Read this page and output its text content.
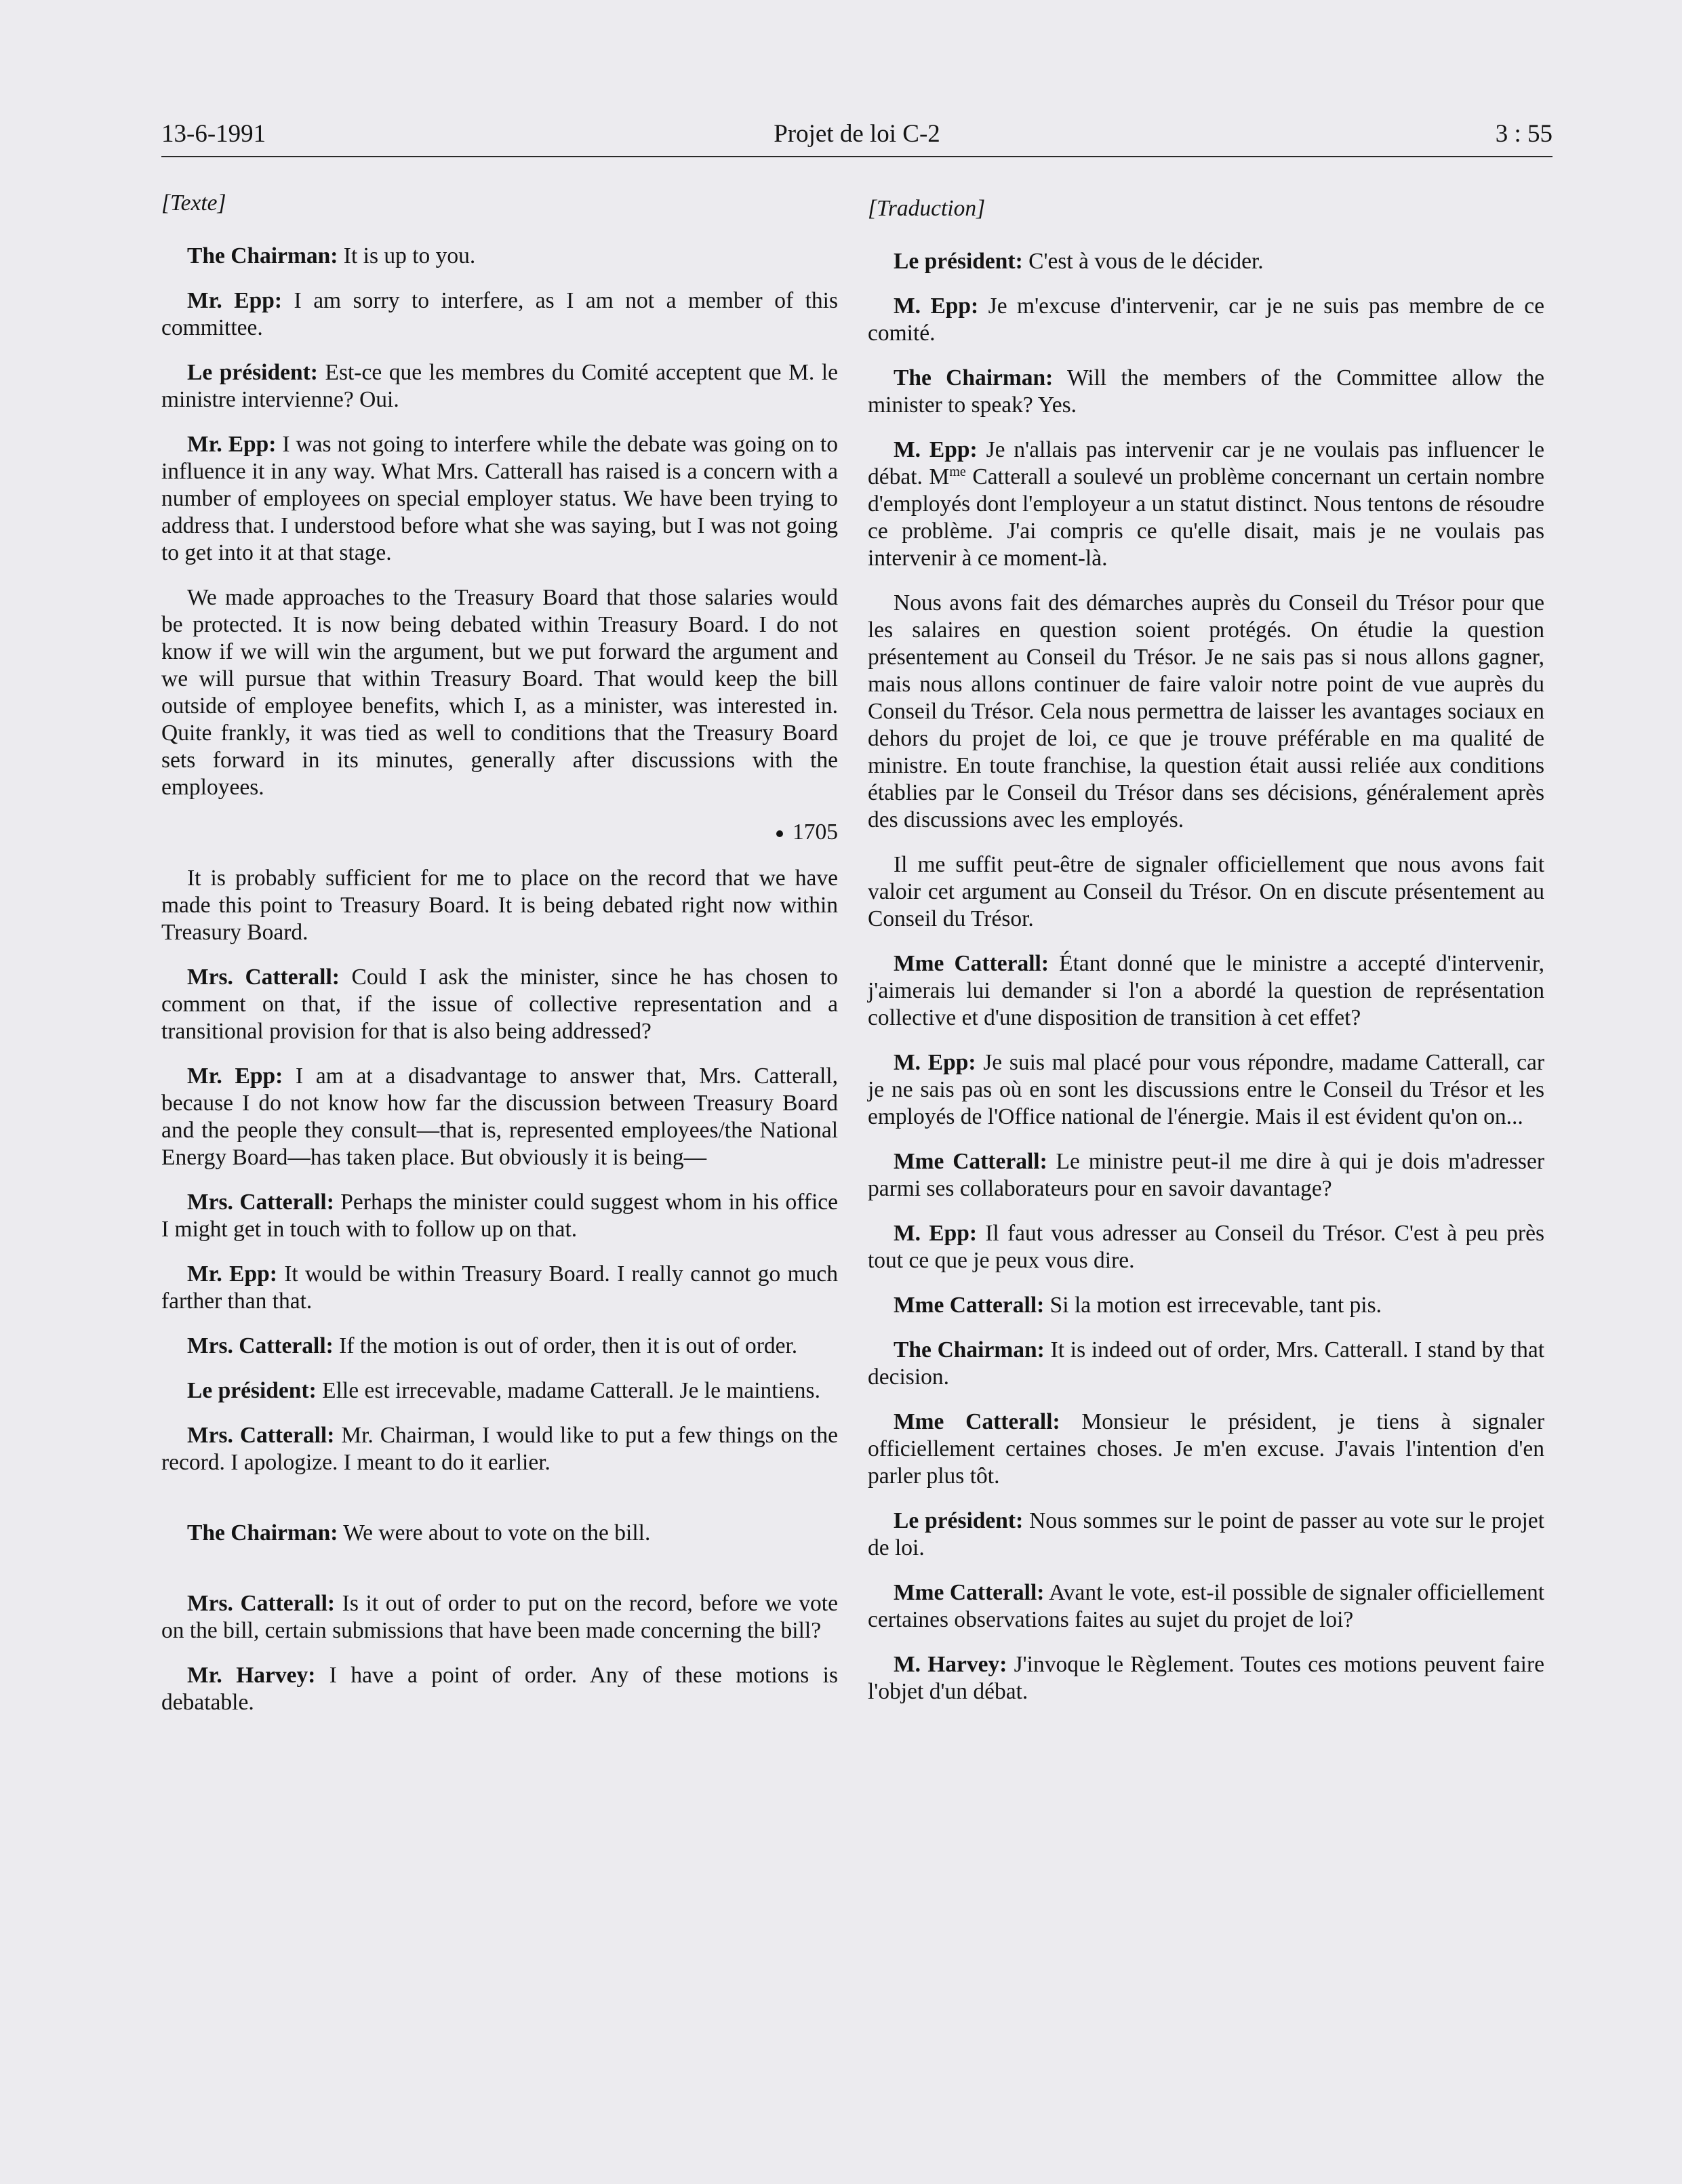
13-6-1991	Projet de loi C-2	3 : 55
[Texte]
The Chairman: It is up to you.
Mr. Epp: I am sorry to interfere, as I am not a member of this committee.
Le président: Est-ce que les membres du Comité acceptent que M. le ministre intervienne? Oui.
Mr. Epp: I was not going to interfere while the debate was going on to influence it in any way. What Mrs. Catterall has raised is a concern with a number of employees on special employer status. We have been trying to address that. I understood before what she was saying, but I was not going to get into it at that stage.
We made approaches to the Treasury Board that those salaries would be protected. It is now being debated within Treasury Board. I do not know if we will win the argument, but we put forward the argument and we will pursue that within Treasury Board. That would keep the bill outside of employee benefits, which I, as a minister, was interested in. Quite frankly, it was tied as well to conditions that the Treasury Board sets forward in its minutes, generally after discussions with the employees.
1705
It is probably sufficient for me to place on the record that we have made this point to Treasury Board. It is being debated right now within Treasury Board.
Mrs. Catterall: Could I ask the minister, since he has chosen to comment on that, if the issue of collective representation and a transitional provision for that is also being addressed?
Mr. Epp: I am at a disadvantage to answer that, Mrs. Catterall, because I do not know how far the discussion between Treasury Board and the people they consult—that is, represented employees/the National Energy Board—has taken place. But obviously it is being—
Mrs. Catterall: Perhaps the minister could suggest whom in his office I might get in touch with to follow up on that.
Mr. Epp: It would be within Treasury Board. I really cannot go much farther than that.
Mrs. Catterall: If the motion is out of order, then it is out of order.
Le président: Elle est irrecevable, madame Catterall. Je le maintiens.
Mrs. Catterall: Mr. Chairman, I would like to put a few things on the record. I apologize. I meant to do it earlier.
The Chairman: We were about to vote on the bill.
Mrs. Catterall: Is it out of order to put on the record, before we vote on the bill, certain submissions that have been made concerning the bill?
Mr. Harvey: I have a point of order. Any of these motions is debatable.
[Traduction]
Le président: C'est à vous de le décider.
M. Epp: Je m'excuse d'intervenir, car je ne suis pas membre de ce comité.
The Chairman: Will the members of the Committee allow the minister to speak? Yes.
M. Epp: Je n'allais pas intervenir car je ne voulais pas influencer le débat. $M^{me}$ Catterall a soulevé un problème concernant un certain nombre d'employés dont l'employeur a un statut distinct. Nous tentons de résoudre ce problème. J'ai compris ce qu'elle disait, mais je ne voulais pas intervenir à ce moment-là.
Nous avons fait des démarches auprès du Conseil du Trésor pour que les salaires en question soient protégés. On étudie la question présentement au Conseil du Trésor. Je ne sais pas si nous allons gagner, mais nous allons continuer de faire valoir notre point de vue auprès du Conseil du Trésor. Cela nous permettra de laisser les avantages sociaux en dehors du projet de loi, ce que je trouve préférable en ma qualité de ministre. En toute franchise, la question était aussi reliée aux conditions établies par le Conseil du Trésor dans ses décisions, généralement après des discussions avec les employés.
Il me suffit peut-être de signaler officiellement que nous avons fait valoir cet argument au Conseil du Trésor. On en discute présentement au Conseil du Trésor.
Mme Catterall: Étant donné que le ministre a accepté d'intervenir, j'aimerais lui demander si l'on a abordé la question de représentation collective et d'une disposition de transition à cet effet?
M. Epp: Je suis mal placé pour vous répondre, madame Catterall, car je ne sais pas où en sont les discussions entre le Conseil du Trésor et les employés de l'Office national de l'énergie. Mais il est évident qu'on on...
Mme Catterall: Le ministre peut-il me dire à qui je dois m'adresser parmi ses collaborateurs pour en savoir davantage?
M. Epp: Il faut vous adresser au Conseil du Trésor. C'est à peu près tout ce que je peux vous dire.
Mme Catterall: Si la motion est irrecevable, tant pis.
The Chairman: It is indeed out of order, Mrs. Catterall. I stand by that decision.
Mme Catterall: Monsieur le président, je tiens à signaler officiellement certaines choses. Je m'en excuse. J'avais l'intention d'en parler plus tôt.
Le président: Nous sommes sur le point de passer au vote sur le projet de loi.
Mme Catterall: Avant le vote, est-il possible de signaler officiellement certaines observations faites au sujet du projet de loi?
M. Harvey: J'invoque le Règlement. Toutes ces motions peuvent faire l'objet d'un débat.
